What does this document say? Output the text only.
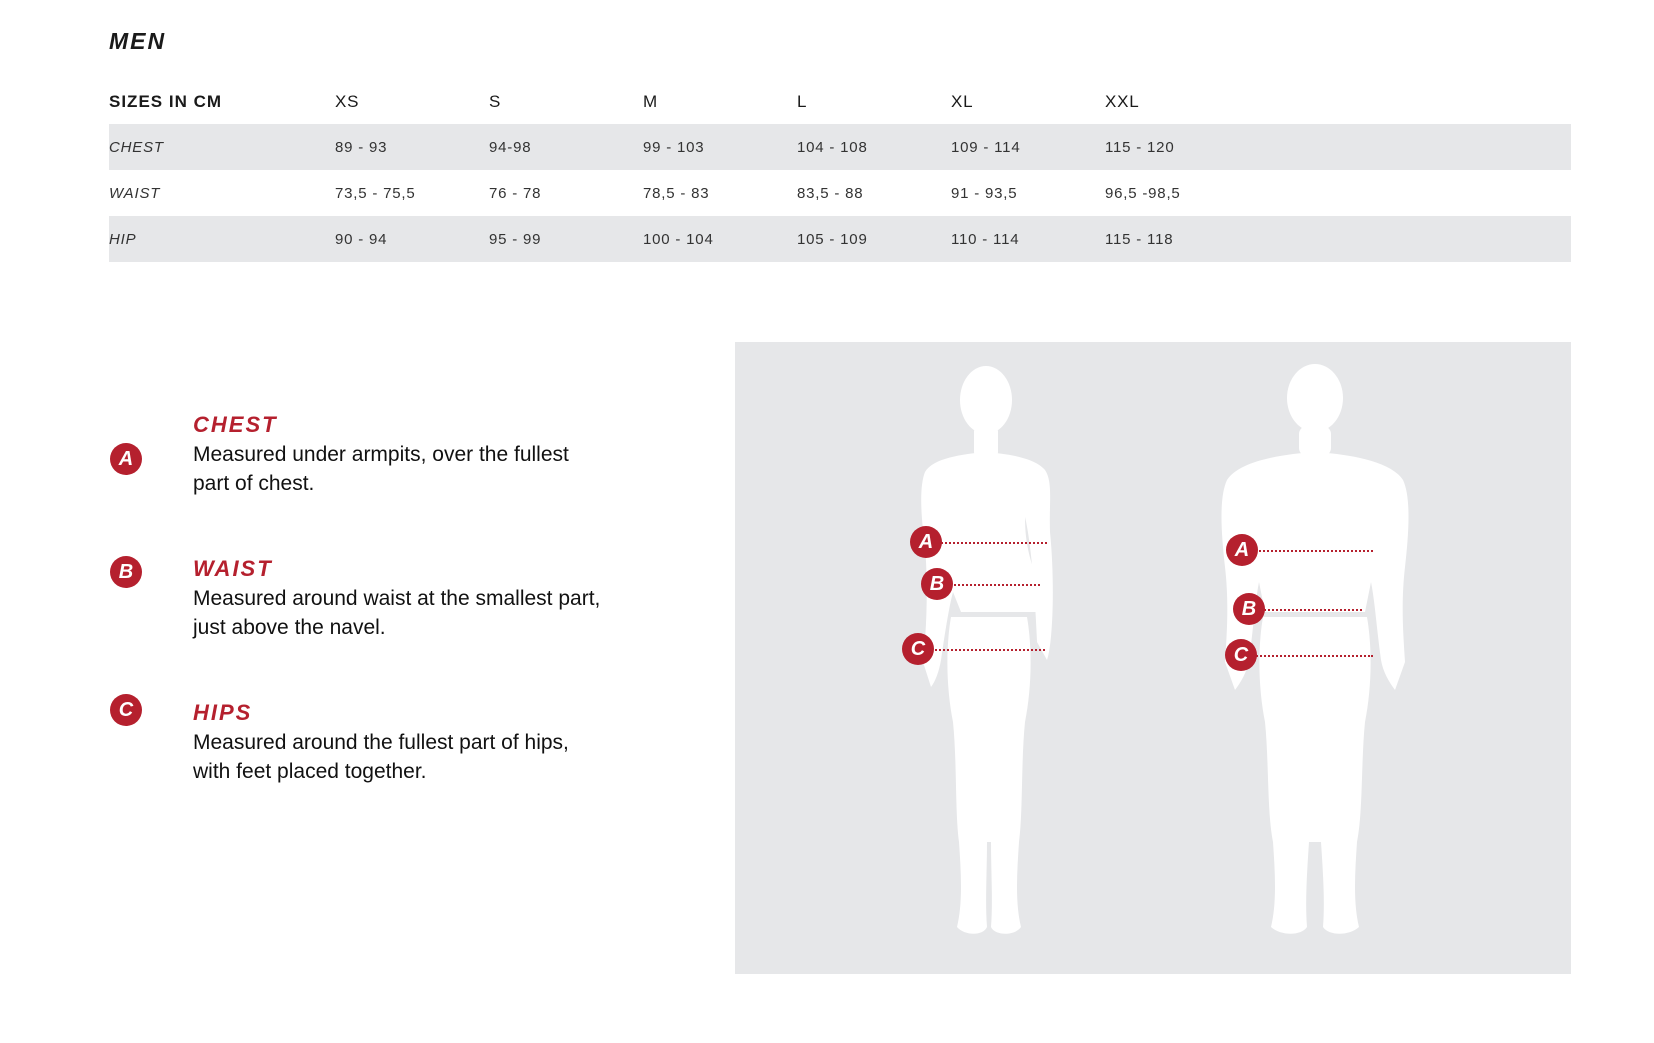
MEN
SIZES IN CM	XS	S	M	L	XL	XXL
CHEST	89 - 93	94-98	99 - 103	104 - 108	109 - 114	115 - 120
WAIST	73,5 - 75,5	76 - 78	78,5 - 83	83,5 - 88	91 - 93,5	96,5 -98,5
HIP	90 - 94	95 - 99	100 - 104	105 - 109	110 - 114	115 - 118
A
CHEST

Measured under armpits, over the fullest part of chest.

B	WAIST

Measured around waist at the smallest part, just above the navel.

C	HIPS

Measured around the fullest part of hips, with feet placed together.

A
B
C
A
B
C
